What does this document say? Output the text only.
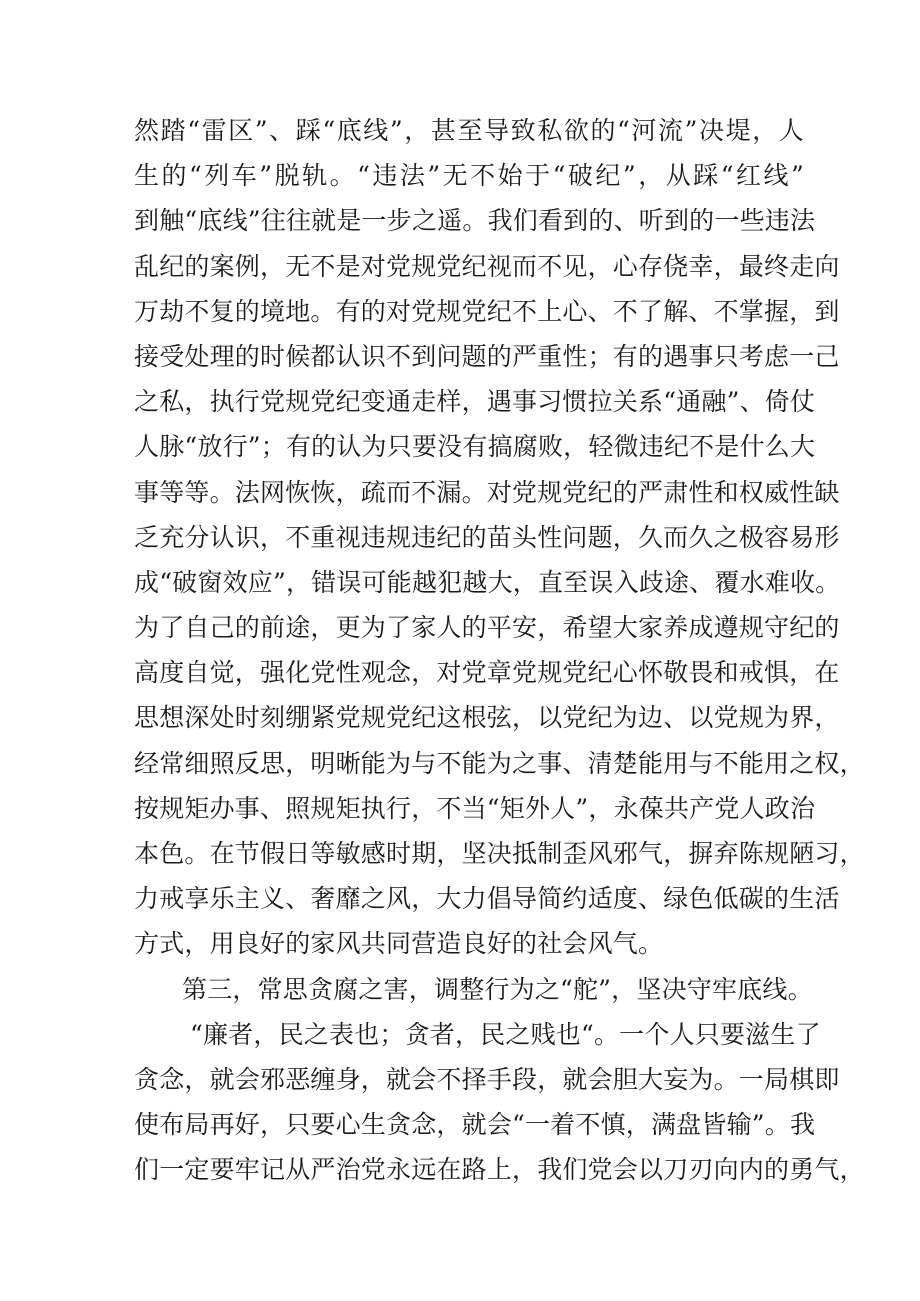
然踏“雷区”、踩“底线”，甚至导致私欲的“河流”决堤，人
生的“列车”脱轨。“违法”无不始于“破纪”，从踩“红线”
到触“底线”往往就是一步之遥。我们看到的、听到的一些违法
乱纪的案例，无不是对党规党纪视而不见，心存侥幸，最终走向
万劫不复的境地。有的对党规党纪不上心、不了解、不掌握，到
接受处理的时候都认识不到问题的严重性；有的遇事只考虑一己
之私，执行党规党纪变通走样，遇事习惯拉关系“通融”、倚仗
人脉“放行”；有的认为只要没有搞腐败，轻微违纪不是什么大
事等等。法网恢恢，疏而不漏。对党规党纪的严肃性和权威性缺
乏充分认识，不重视违规违纪的苗头性问题，久而久之极容易形
成“破窗效应”，错误可能越犯越大，直至误入歧途、覆水难收。
为了自己的前途，更为了家人的平安，希望大家养成遵规守纪的
高度自觉，强化党性观念，对党章党规党纪心怀敬畏和戒惧，在
思想深处时刻绷紧党规党纪这根弦，以党纪为边、以党规为界，
经常细照反思，明晰能为与不能为之事、清楚能用与不能用之权，
按规矩办事、照规矩执行，不当“矩外人”，永葆共产党人政治
本色。在节假日等敏感时期，坚决抵制歪风邪气，摒弃陈规陋习，
力戒享乐主义、奢靡之风，大力倡导简约适度、绿色低碳的生活
方式，用良好的家风共同营造良好的社会风气。
第三，常思贪腐之害，调整行为之“舵”，坚决守牢底线。
“廉者，民之表也；贪者，民之贱也“。一个人只要滋生了
贪念，就会邪恶缠身，就会不择手段，就会胆大妄为。一局棋即
使布局再好，只要心生贪念，就会“一着不慎，满盘皆输”。我
们一定要牢记从严治党永远在路上，我们党会以刀刃向内的勇气，
